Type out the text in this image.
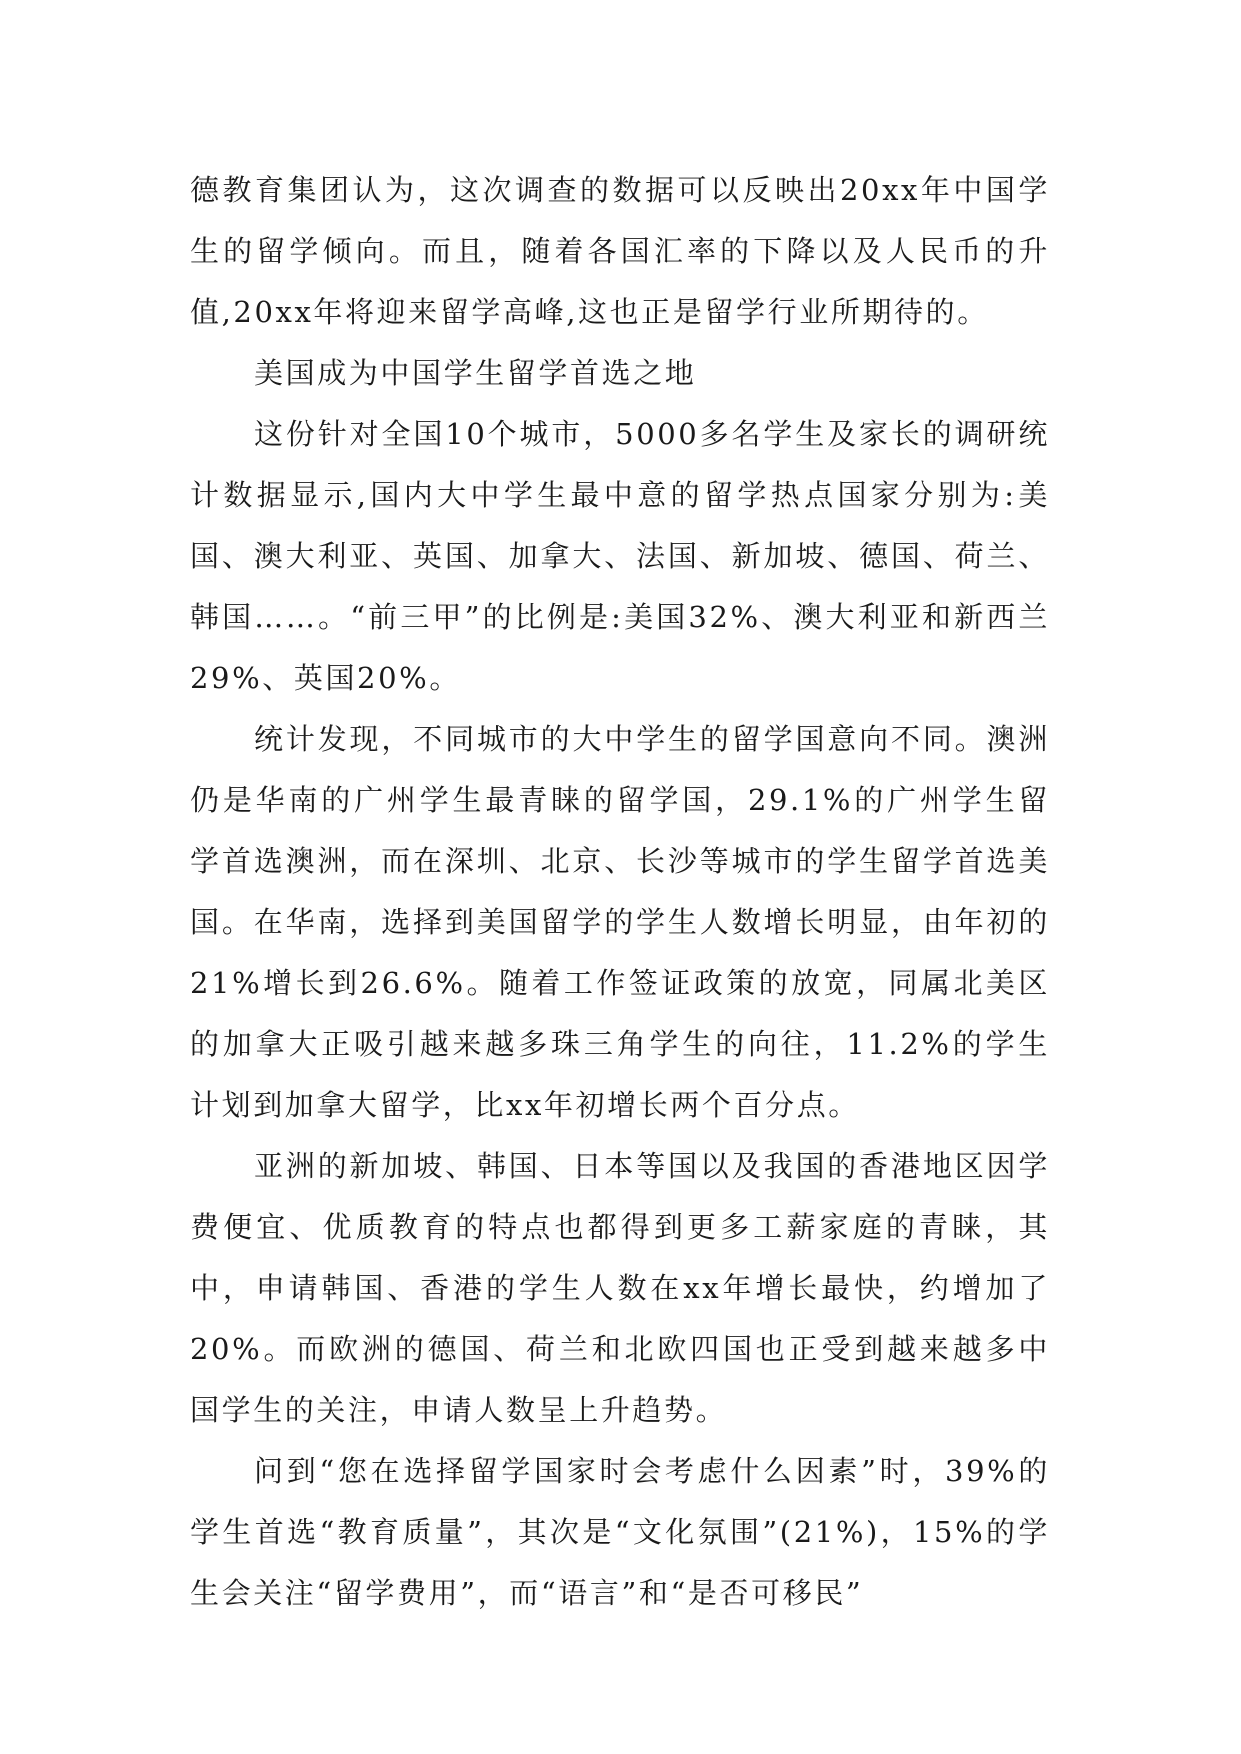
德教育集团认为，这次调查的数据可以反映出20xx年中国学生的留学倾向。而且，随着各国汇率的下降以及人民币的升值,20xx年将迎来留学高峰,这也正是留学行业所期待的。

美国成为中国学生留学首选之地

这份针对全国10个城市，5000多名学生及家长的调研统计数据显示,国内大中学生最中意的留学热点国家分别为:美国、澳大利亚、英国、加拿大、法国、新加坡、德国、荷兰、韩国……。“前三甲”的比例是:美国32%、澳大利亚和新西兰29%、英国20%。

统计发现，不同城市的大中学生的留学国意向不同。澳洲仍是华南的广州学生最青睐的留学国，29.1%的广州学生留学首选澳洲，而在深圳、北京、长沙等城市的学生留学首选美国。在华南，选择到美国留学的学生人数增长明显，由年初的21%增长到26.6%。随着工作签证政策的放宽，同属北美区的加拿大正吸引越来越多珠三角学生的向往，11.2%的学生计划到加拿大留学，比xx年初增长两个百分点。

亚洲的新加坡、韩国、日本等国以及我国的香港地区因学费便宜、优质教育的特点也都得到更多工薪家庭的青睐，其中，申请韩国、香港的学生人数在xx年增长最快，约增加了20%。而欧洲的德国、荷兰和北欧四国也正受到越来越多中国学生的关注，申请人数呈上升趋势。

问到“您在选择留学国家时会考虑什么因素”时，39%的学生首选“教育质量”，其次是“文化氛围”(21%)，15%的学生会关注“留学费用”，而“语言”和“是否可移民”
